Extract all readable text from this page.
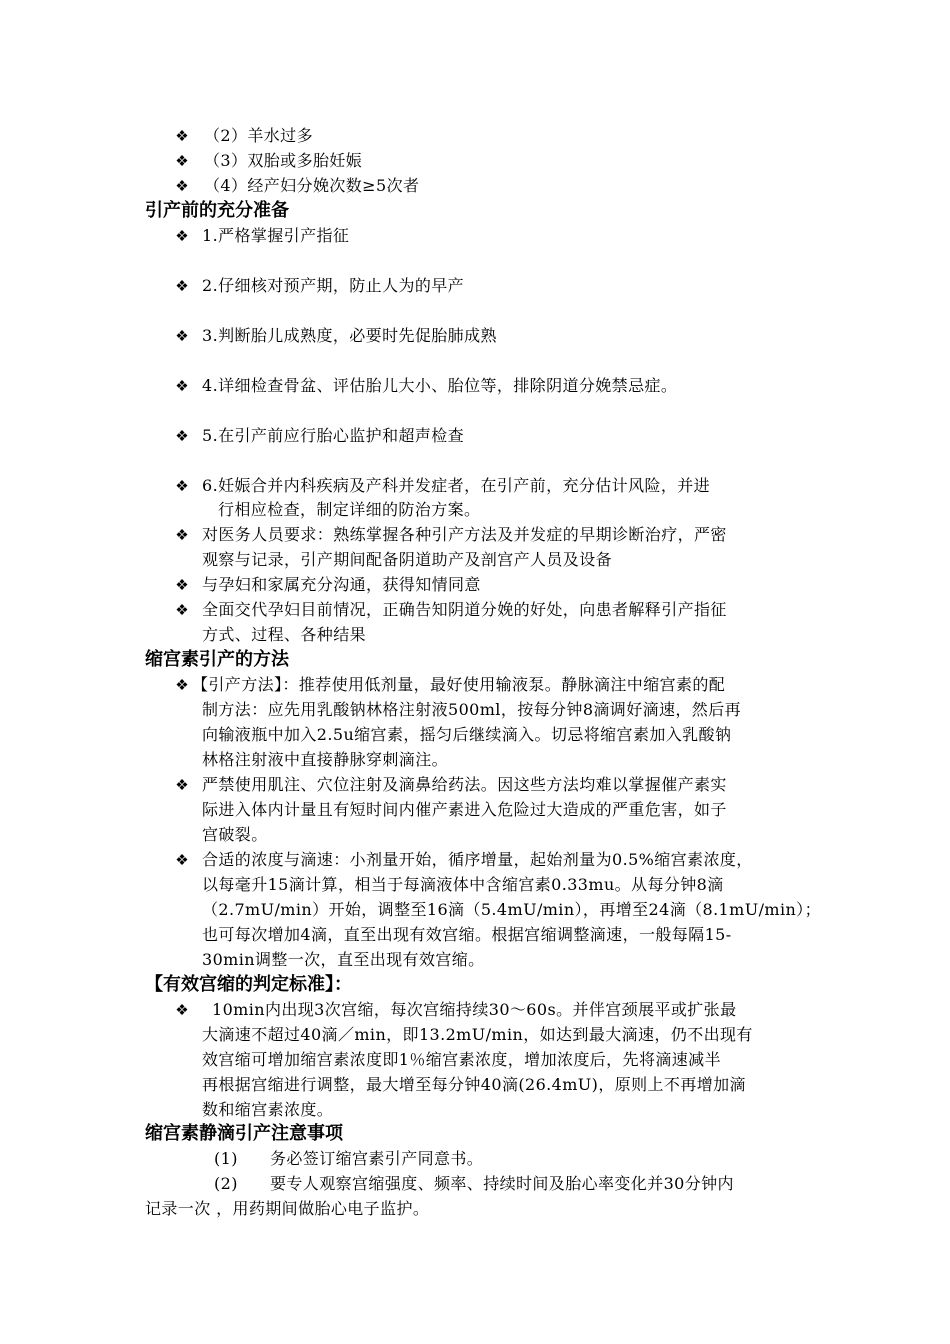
❖ （2）羊水过多
❖ （3）双胎或多胎妊娠
❖ （4）经产妇分娩次数≥5次者
引产前的充分准备
❖ 1.严格掌握引产指征
❖ 2.仔细核对预产期，防止人为的早产
❖ 3.判断胎儿成熟度，必要时先促胎肺成熟
❖ 4.详细检查骨盆、评估胎儿大小、胎位等，排除阴道分娩禁忌症。
❖ 5.在引产前应行胎心监护和超声检查
❖ 6.妊娠合并内科疾病及产科并发症者，在引产前，充分估计风险，并进
行相应检查，制定详细的防治方案。
❖ 对医务人员要求：熟练掌握各种引产方法及并发症的早期诊断治疗，严密
观察与记录，引产期间配备阴道助产及剖宫产人员及设备
❖ 与孕妇和家属充分沟通，获得知情同意
❖ 全面交代孕妇目前情况，正确告知阴道分娩的好处，向患者解释引产指征
方式、过程、各种结果
缩宫素引产的方法
❖ 【引产方法】：推荐使用低剂量，最好使用输液泵。静脉滴注中缩宫素的配
制方法：应先用乳酸钠林格注射液500ml，按每分钟8滴调好滴速，然后再
向输液瓶中加入2.5u缩宫素，摇匀后继续滴入。切忌将缩宫素加入乳酸钠
林格注射液中直接静脉穿刺滴注。
❖ 严禁使用肌注、穴位注射及滴鼻给药法。因这些方法均难以掌握催产素实
际进入体内计量且有短时间内催产素进入危险过大造成的严重危害，如子
宫破裂。
❖ 合适的浓度与滴速：小剂量开始，循序增量，起始剂量为0.5%缩宫素浓度，
以每毫升15滴计算，相当于每滴液体中含缩宫素0.33mu。从每分钟8滴
（2.7mU/min）开始，调整至16滴（5.4mU/min），再增至24滴（8.1mU/min）；
也可每次增加4滴，直至出现有效宫缩。根据宫缩调整滴速，一般每隔15-
30min调整一次，直至出现有效宫缩。
【有效宫缩的判定标准】：
❖ 10min内出现3次宫缩，每次宫缩持续30～60s。并伴宫颈展平或扩张最
大滴速不超过40滴／min，即13.2mU/min，如达到最大滴速，仍不出现有
效宫缩可增加缩宫素浓度即1％缩宫素浓度，增加浓度后，先将滴速减半
再根据宫缩进行调整，最大增至每分钟40滴(26.4mU)，原则上不再增加滴
数和缩宫素浓度。
缩宫素静滴引产注意事项
(1) 务必签订缩宫素引产同意书。
(2) 要专人观察宫缩强度、频率、持续时间及胎心率变化并30分钟内
记录一次 ，用药期间做胎心电子监护。
